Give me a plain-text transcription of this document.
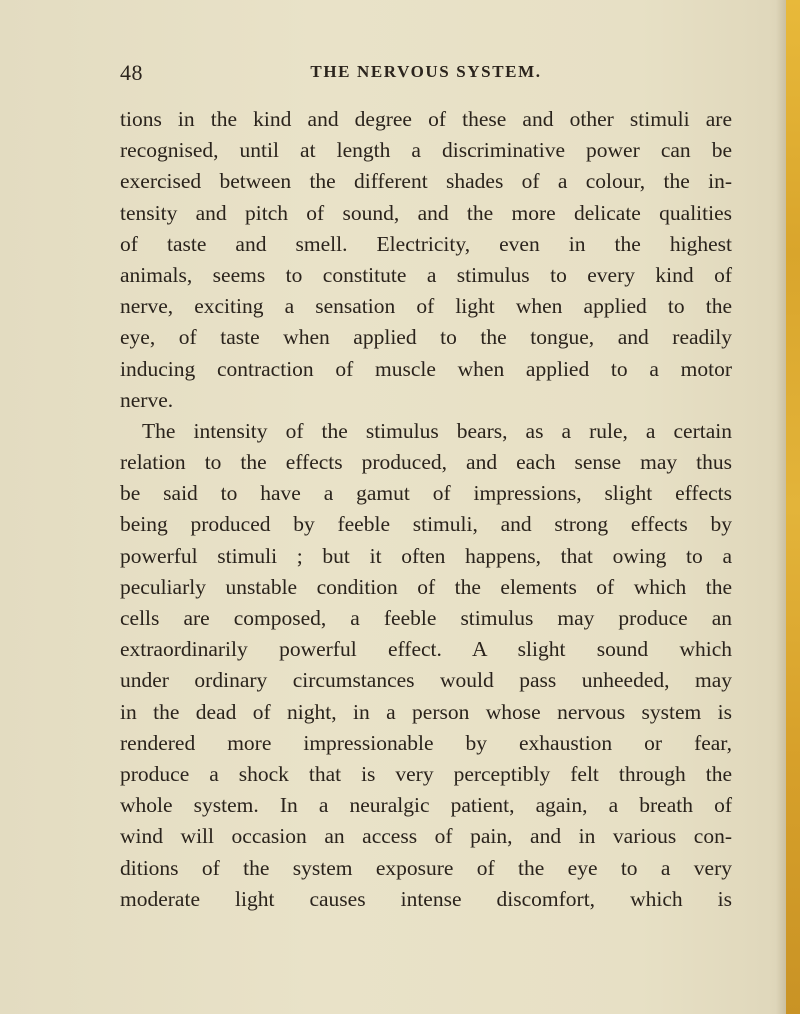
48	THE NERVOUS SYSTEM.
tions in the kind and degree of these and other stimuli are
recognised, until at length a discriminative power can be
exercised between the different shades of a colour, the in-
tensity and pitch of sound, and the more delicate qualities
of taste and smell. Electricity, even in the highest
animals, seems to constitute a stimulus to every kind of
nerve, exciting a sensation of light when applied to the
eye, of taste when applied to the tongue, and readily
inducing contraction of muscle when applied to a motor
nerve.
The intensity of the stimulus bears, as a rule, a certain
relation to the effects produced, and each sense may thus
be said to have a gamut of impressions, slight effects
being produced by feeble stimuli, and strong effects by
powerful stimuli ; but it often happens, that owing to a
peculiarly unstable condition of the elements of which the
cells are composed, a feeble stimulus may produce an
extraordinarily powerful effect. A slight sound which
under ordinary circumstances would pass unheeded, may
in the dead of night, in a person whose nervous system is
rendered more impressionable by exhaustion or fear,
produce a shock that is very perceptibly felt through the
whole system. In a neuralgic patient, again, a breath of
wind will occasion an access of pain, and in various con-
ditions of the system exposure of the eye to a very
moderate light causes intense discomfort, which is
